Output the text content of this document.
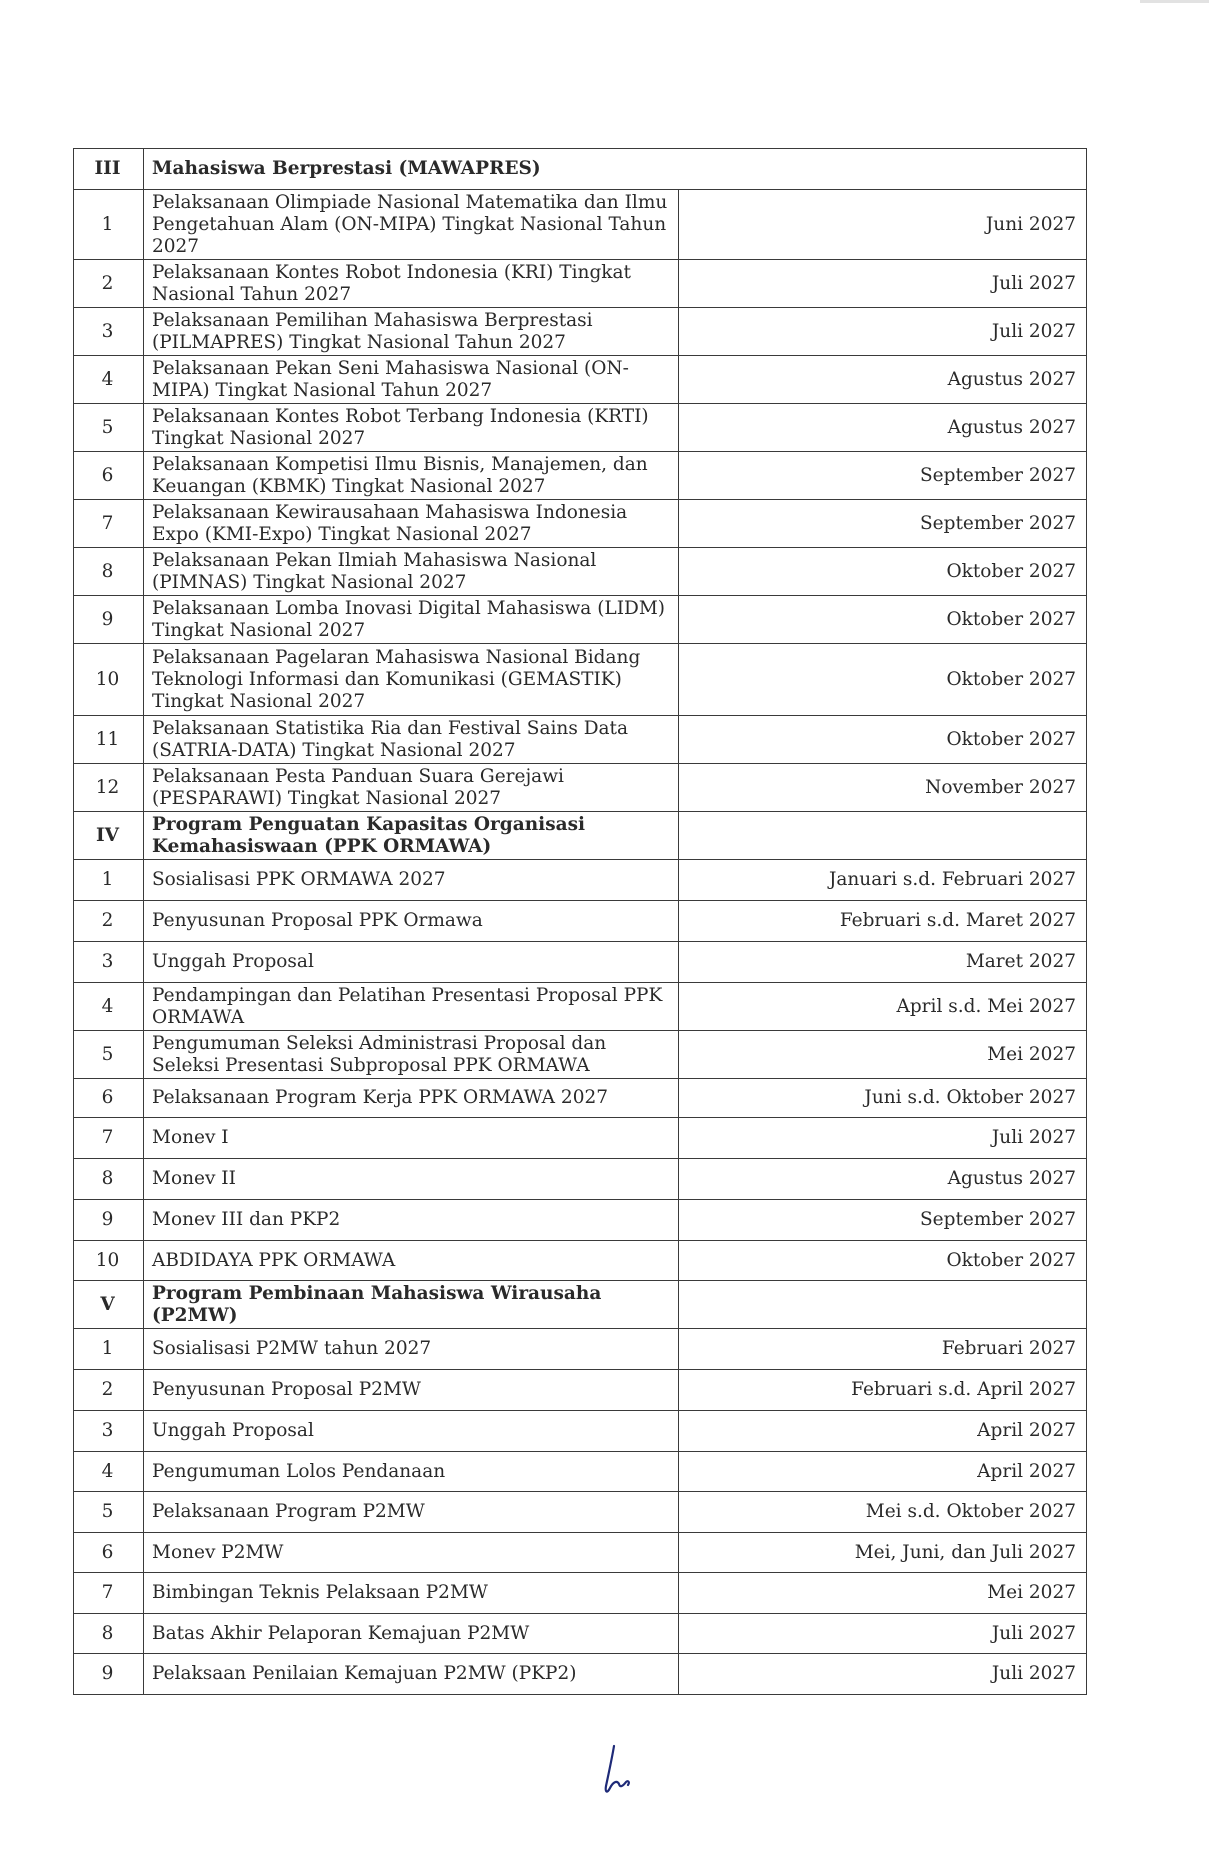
III	Mahasiswa Berprestasi (MAWAPRES)	
1	Pelaksanaan Olimpiade Nasional Matematika dan Ilmu Pengetahuan Alam (ON-MIPA) Tingkat Nasional Tahun 2027	Juni 2027
2	Pelaksanaan Kontes Robot Indonesia (KRI) Tingkat Nasional Tahun 2027	Juli 2027
3	Pelaksanaan Pemilihan Mahasiswa Berprestasi (PILMAPRES) Tingkat Nasional Tahun 2027	Juli 2027
4	Pelaksanaan Pekan Seni Mahasiswa Nasional (ON-MIPA) Tingkat Nasional Tahun 2027	Agustus 2027
5	Pelaksanaan Kontes Robot Terbang Indonesia (KRTI) Tingkat Nasional 2027	Agustus 2027
6	Pelaksanaan Kompetisi Ilmu Bisnis, Manajemen, dan Keuangan (KBMK) Tingkat Nasional 2027	September 2027
7	Pelaksanaan Kewirausahaan Mahasiswa Indonesia Expo (KMI-Expo) Tingkat Nasional 2027	September 2027
8	Pelaksanaan Pekan Ilmiah Mahasiswa Nasional (PIMNAS) Tingkat Nasional 2027	Oktober 2027
9	Pelaksanaan Lomba Inovasi Digital Mahasiswa (LIDM) Tingkat Nasional 2027	Oktober 2027
10	Pelaksanaan Pagelaran Mahasiswa Nasional Bidang Teknologi Informasi dan Komunikasi (GEMASTIK) Tingkat Nasional 2027	Oktober 2027
11	Pelaksanaan Statistika Ria dan Festival Sains Data (SATRIA-DATA) Tingkat Nasional 2027	Oktober 2027
12	Pelaksanaan Pesta Panduan Suara Gerejawi (PESPARAWI) Tingkat Nasional 2027	November 2027
IV	Program Penguatan Kapasitas Organisasi Kemahasiswaan (PPK ORMAWA)	
1	Sosialisasi PPK ORMAWA 2027	Januari s.d. Februari 2027
2	Penyusunan Proposal PPK Ormawa	Februari s.d. Maret 2027
3	Unggah Proposal	Maret 2027
4	Pendampingan dan Pelatihan Presentasi Proposal PPK ORMAWA	April s.d. Mei 2027
5	Pengumuman Seleksi Administrasi Proposal dan Seleksi Presentasi Subproposal PPK ORMAWA	Mei 2027
6	Pelaksanaan Program Kerja PPK ORMAWA 2027	Juni s.d. Oktober 2027
7	Monev I	Juli 2027
8	Monev II	Agustus 2027
9	Monev III dan PKP2	September 2027
10	ABDIDAYA PPK ORMAWA	Oktober 2027
V	Program Pembinaan Mahasiswa Wirausaha (P2MW)	
1	Sosialisasi P2MW tahun 2027	Februari 2027
2	Penyusunan Proposal P2MW	Februari s.d. April 2027
3	Unggah Proposal	April 2027
4	Pengumuman Lolos Pendanaan	April 2027
5	Pelaksanaan Program P2MW	Mei s.d. Oktober 2027
6	Monev P2MW	Mei, Juni, dan Juli 2027
7	Bimbingan Teknis Pelaksaan P2MW	Mei 2027
8	Batas Akhir Pelaporan Kemajuan P2MW	Juli 2027
9	Pelaksaan Penilaian Kemajuan P2MW (PKP2)	Juli 2027
